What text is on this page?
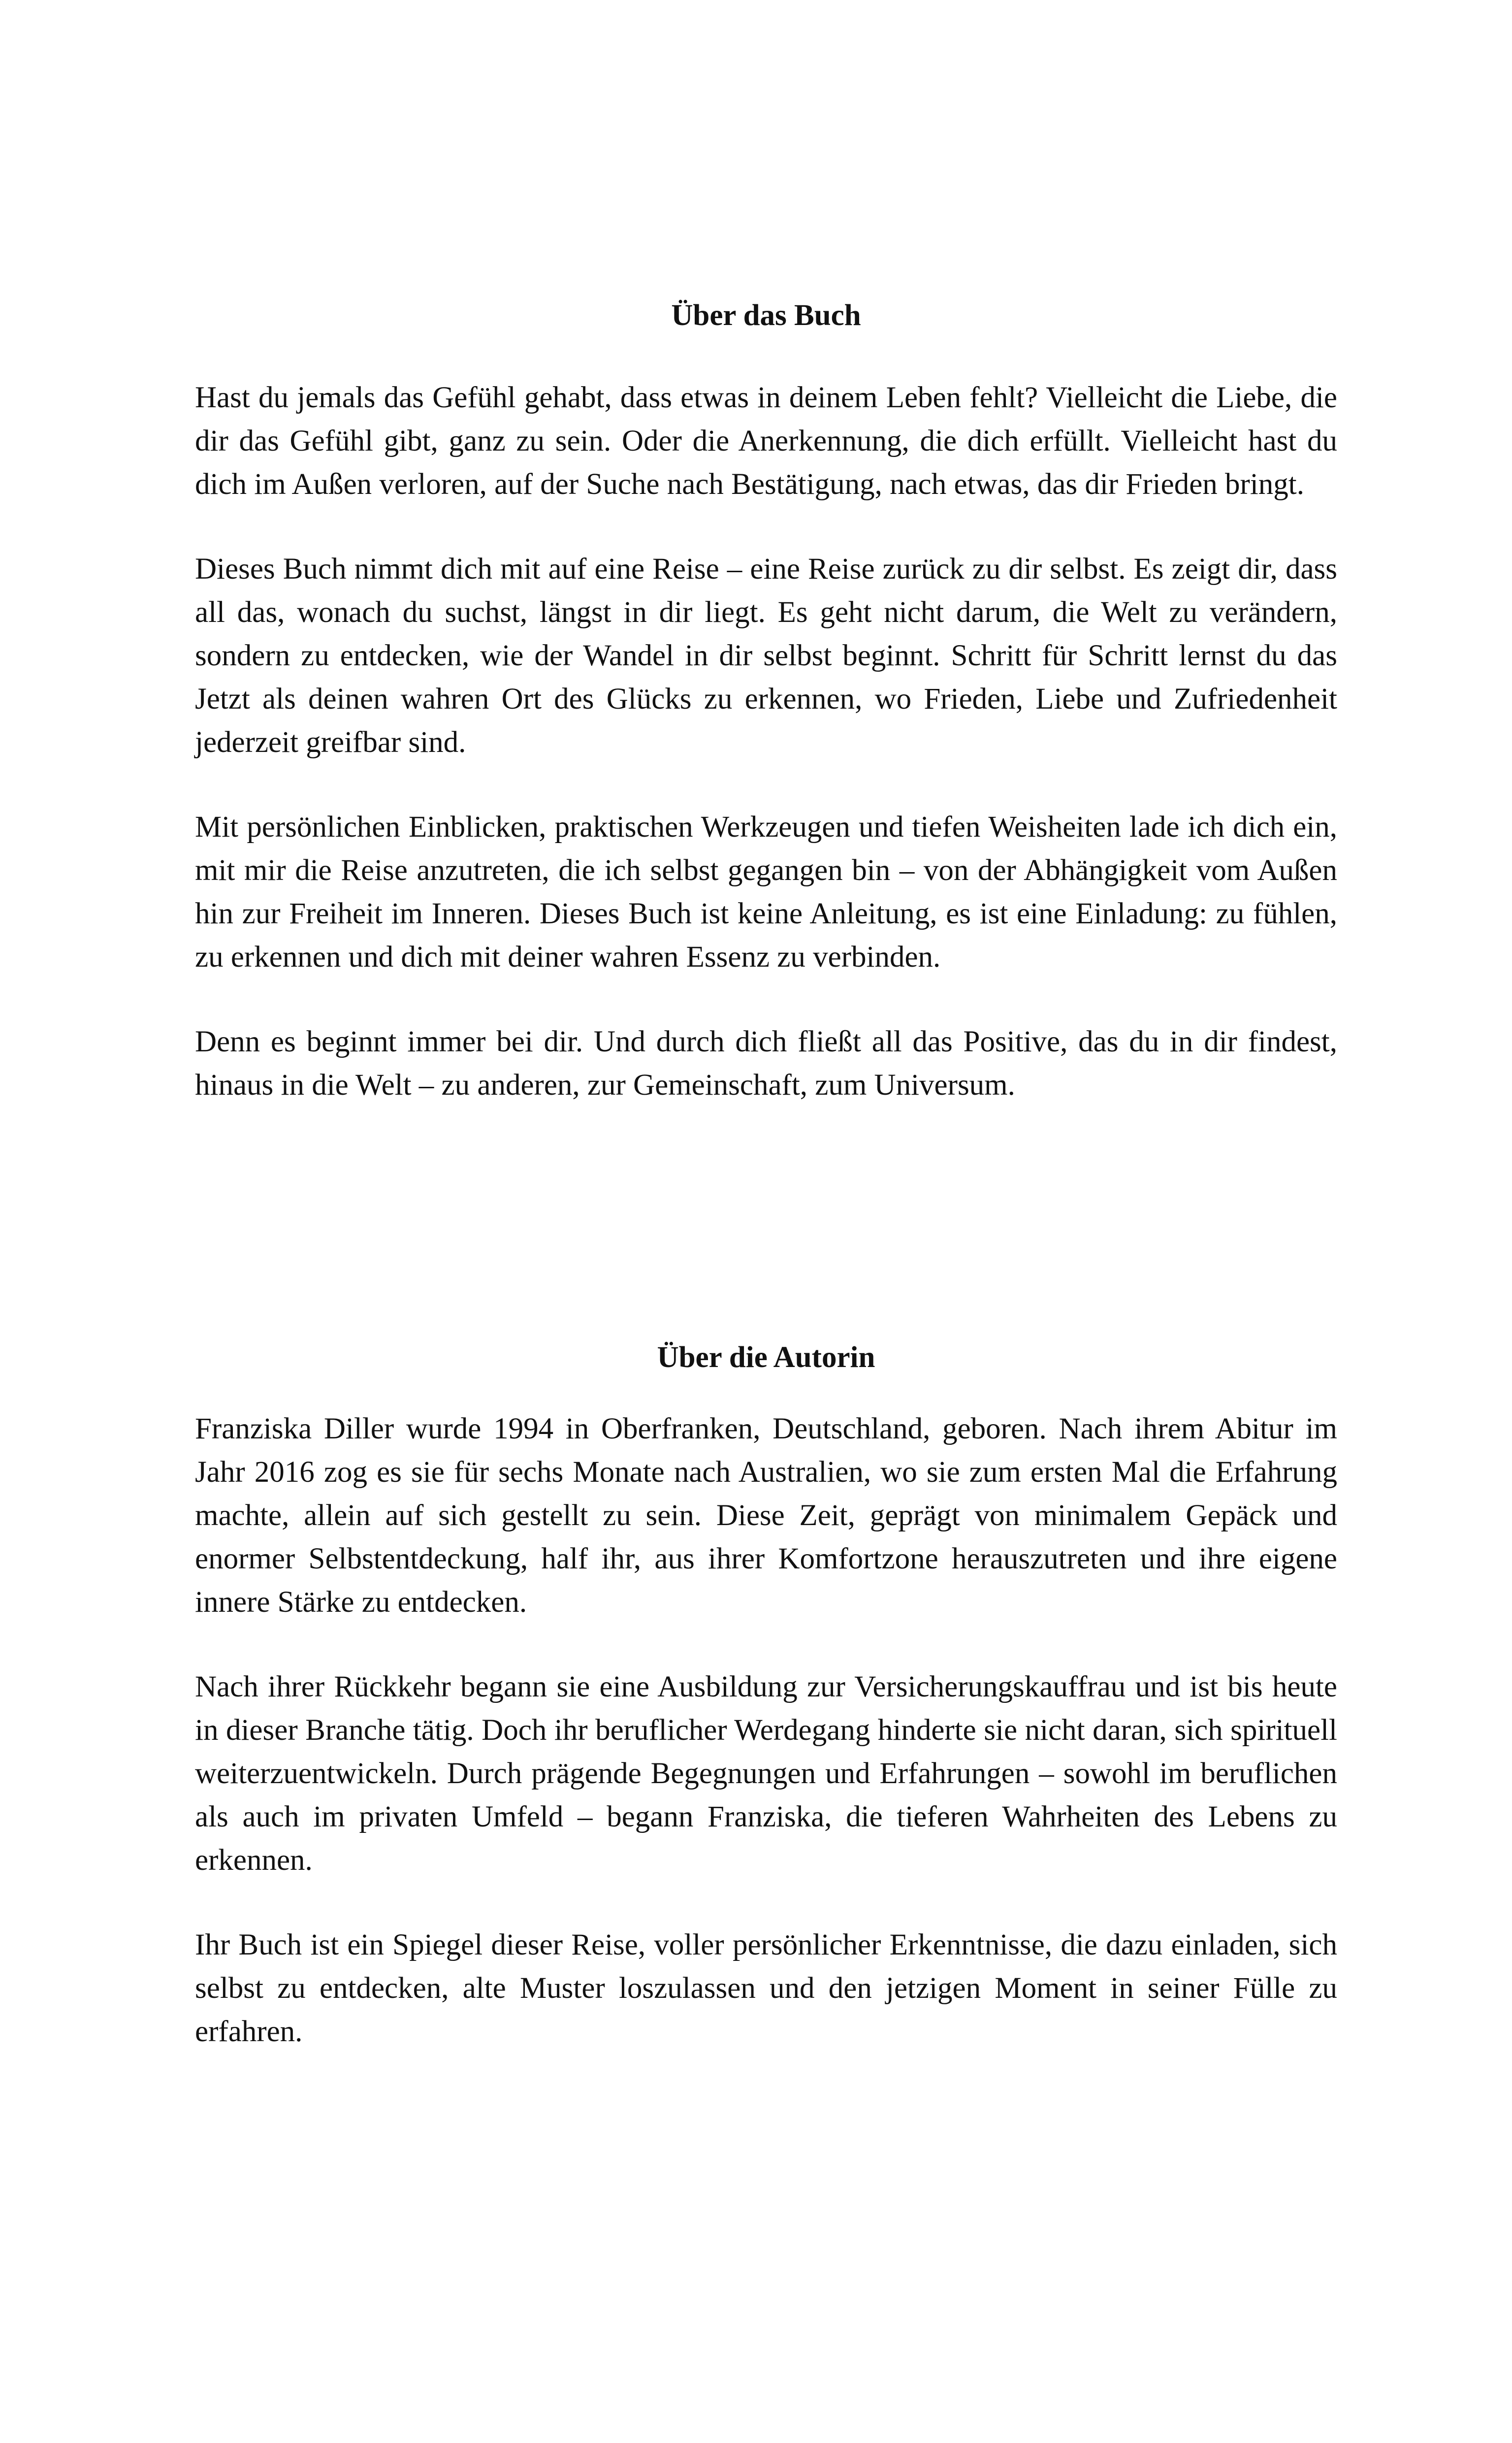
Über das Buch

Hast du jemals das Gefühl gehabt, dass etwas in deinem Leben fehlt? Vielleicht die Liebe, die dir das Gefühl gibt, ganz zu sein. Oder die Anerkennung, die dich erfüllt. Vielleicht hast du dich im Außen verloren, auf der Suche nach Bestätigung, nach etwas, das dir Frieden bringt.

Dieses Buch nimmt dich mit auf eine Reise – eine Reise zurück zu dir selbst. Es zeigt dir, dass all das, wonach du suchst, längst in dir liegt. Es geht nicht darum, die Welt zu verändern, sondern zu entdecken, wie der Wandel in dir selbst beginnt. Schritt für Schritt lernst du das Jetzt als deinen wahren Ort des Glücks zu erkennen, wo Frieden, Liebe und Zufriedenheit jederzeit greifbar sind.

Mit persönlichen Einblicken, praktischen Werkzeugen und tiefen Weisheiten lade ich dich ein, mit mir die Reise anzutreten, die ich selbst gegangen bin – von der Abhängigkeit vom Außen hin zur Freiheit im Inneren. Dieses Buch ist keine Anleitung, es ist eine Einladung: zu fühlen, zu erkennen und dich mit deiner wahren Essenz zu verbinden.

Denn es beginnt immer bei dir. Und durch dich fließt all das Positive, das du in dir findest, hinaus in die Welt – zu anderen, zur Gemeinschaft, zum Universum.

Über die Autorin

Franziska Diller wurde 1994 in Oberfranken, Deutschland, geboren. Nach ihrem Abitur im Jahr 2016 zog es sie für sechs Monate nach Australien, wo sie zum ersten Mal die Erfahrung machte, allein auf sich gestellt zu sein. Diese Zeit, geprägt von minimalem Gepäck und enormer Selbstentdeckung, half ihr, aus ihrer Komfortzone herauszutreten und ihre eigene innere Stärke zu entdecken.

Nach ihrer Rückkehr begann sie eine Ausbildung zur Versicherungskauffrau und ist bis heute in dieser Branche tätig. Doch ihr beruflicher Werdegang hinderte sie nicht daran, sich spirituell weiterzuentwickeln. Durch prägende Begegnungen und Erfahrungen – sowohl im beruflichen als auch im privaten Umfeld – begann Franziska, die tieferen Wahrheiten des Lebens zu erkennen.

Ihr Buch ist ein Spiegel dieser Reise, voller persönlicher Erkenntnisse, die dazu einladen, sich selbst zu entdecken, alte Muster loszulassen und den jetzigen Moment in seiner Fülle zu erfahren.
